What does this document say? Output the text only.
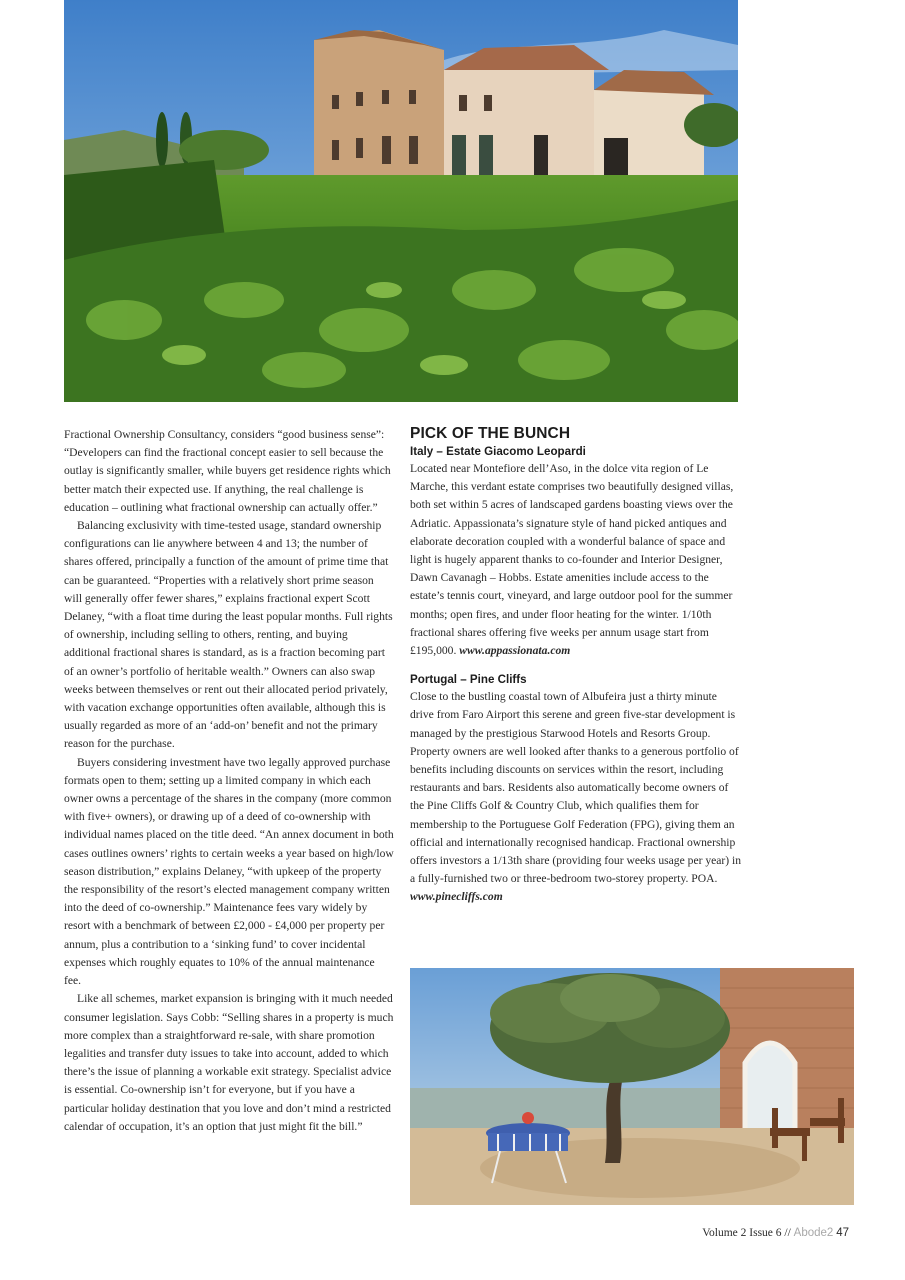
Fractional Ownership Consultancy, considers “good business sense”: “Developers can find the fractional concept easier to sell because the outlay is significantly smaller, while buyers get residence rights which better match their expected use. If anything, the real challenge is education – outlining what fractional ownership can actually offer.”

Balancing exclusivity with time-tested usage, standard ownership configurations can lie anywhere between 4 and 13; the number of shares offered, principally a function of the amount of prime time that can be guaranteed. “Properties with a relatively short prime season will generally offer fewer shares,” explains fractional expert Scott Delaney, “with a float time during the least popular months. Full rights of ownership, including selling to others, renting, and buying additional fractional shares is standard, as is a fraction becoming part of an owner’s portfolio of heritable wealth.” Owners can also swap weeks between themselves or rent out their allocated period privately, with vacation exchange opportunities often available, although this is usually regarded as more of an ‘add-on’ benefit and not the primary reason for the purchase.

Buyers considering investment have two legally approved purchase formats open to them; setting up a limited company in which each owner owns a percentage of the shares in the company (more common with five+ owners), or drawing up of a deed of co-ownership with individual names placed on the title deed. “An annex document in both cases outlines owners’ rights to certain weeks a year based on high/low season distribution,” explains Delaney, “with upkeep of the property the responsibility of the resort’s elected management company written into the deed of co-ownership.” Maintenance fees vary widely by resort with a benchmark of between £2,000 - £4,000 per property per annum, plus a contribution to a ‘sinking fund’ to cover incidental expenses which roughly equates to 10% of the annual maintenance fee.

Like all schemes, market expansion is bringing with it much needed consumer legislation. Says Cobb: “Selling shares in a property is much more complex than a straightforward re-sale, with share promotion legalities and transfer duty issues to take into account, added to which there’s the issue of planning a workable exit strategy. Specialist advice is essential. Co-ownership isn’t for everyone, but if you have a particular holiday destination that you love and don’t mind a restricted calendar of occupation, it’s an option that just might fit the bill.”

PICK OF THE BUNCH
Italy – Estate Giacomo Leopardi

Located near Montefiore dell’Aso, in the dolce vita region of Le Marche, this verdant estate comprises two beautifully designed villas, both set within 5 acres of landscaped gardens boasting views over the Adriatic. Appassionata’s signature style of hand picked antiques and elaborate decoration coupled with a wonderful balance of space and light is hugely apparent thanks to co-founder and Interior Designer, Dawn Cavanagh – Hobbs. Estate amenities include access to the estate’s tennis court, vineyard, and large outdoor pool for the summer months; open fires, and under floor heating for the winter. 1/10th fractional shares offering five weeks per annum usage start from £195,000. www.appassionata.com

Portugal – Pine Cliffs

Close to the bustling coastal town of Albufeira just a thirty minute drive from Faro Airport this serene and green five-star development is managed by the prestigious Starwood Hotels and Resorts Group. Property owners are well looked after thanks to a generous portfolio of benefits including discounts on services within the resort, including restaurants and bars. Residents also automatically become owners of the Pine Cliffs Golf & Country Club, which qualifies them for membership to the Portuguese Golf Federation (FPG), giving them an official and internationally recognised handicap. Fractional ownership offers investors a 1/13th share (providing four weeks usage per year) in a fully-furnished two or three-bedroom two-storey property. POA. www.pinecliffs.com

Volume 2 Issue 6 // Abode2 47
